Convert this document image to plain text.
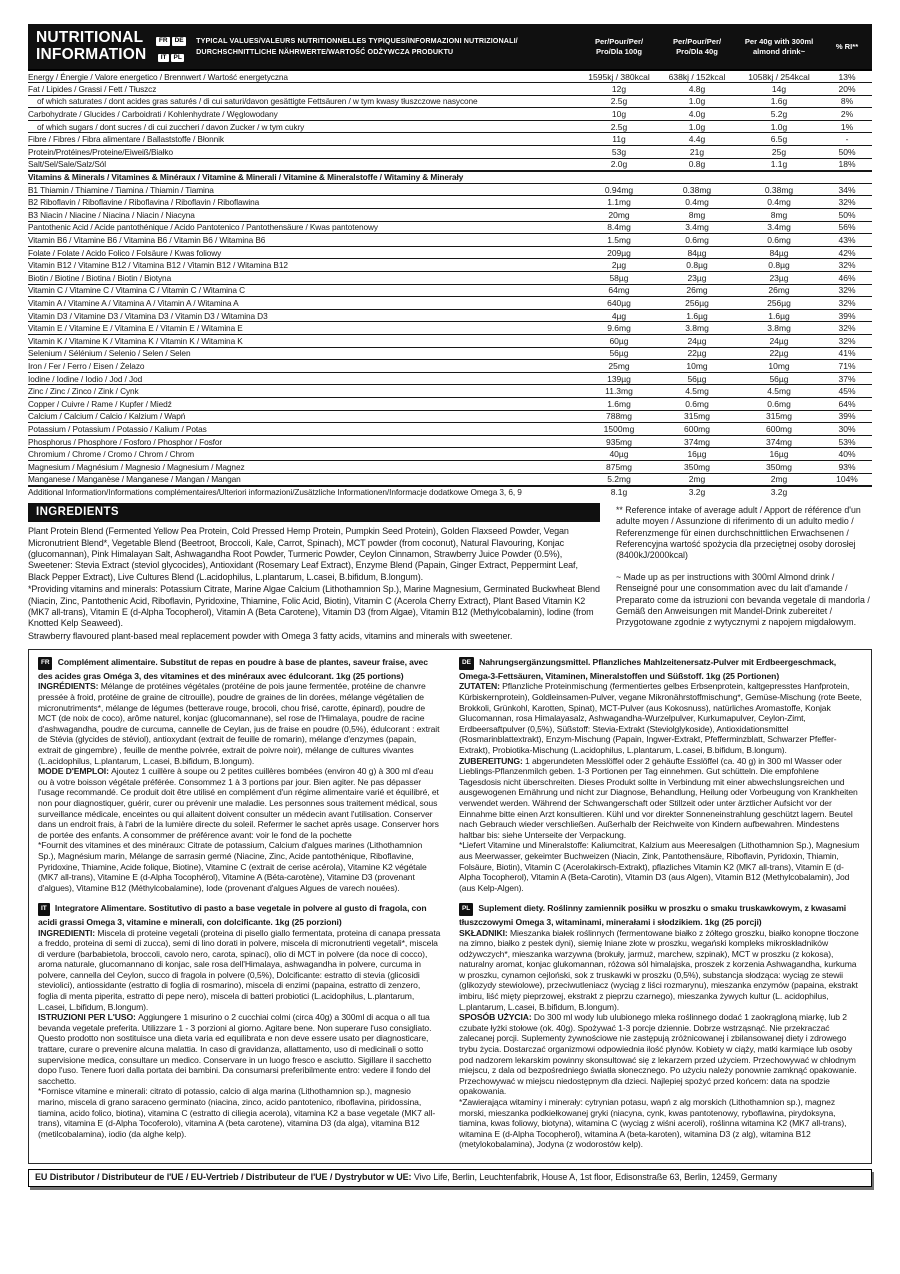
NUTRITIONAL
INFORMATION
FR DE
IT PL
TYPICAL VALUES/VALEURS NUTRITIONNELLES TYPIQUES/INFORMAZIONI NUTRIZIONALI/
DURCHSCHNITTLICHE NÄHRWERTE/WARTOŚĆ ODŻYWCZA PRODUKTU

Per/Pour/Per/
Pro/Dla 100g

Per/Pour/Per/
Pro/Dla 40g

Per 40g with 300ml
almond drink~
	% RI**
Energy / Énergie / Valore energetico / Brennwert / Wartość energetyczna	1595kj / 380kcal	638kj / 152kcal	1058kj / 254kcal	13%
Fat / Lipides / Grassi / Fett / Tłuszcz	12g	4.8g	14g	20%
of which saturates / dont acides gras saturés / di cui saturi/davon gesättigte Fettsäuren / w tym kwasy tłuszczowe nasycone	2.5g	1.0g	1.6g	8%
Carbohydrate / Glucides / Carboidrati / Kohlenhydrate / Węglowodany	10g	4.0g	5.2g	2%
of which sugars / dont sucres / di cui zuccheri / davon Zucker / w tym cukry	2.5g	1.0g	1.0g	1%
Fibre / Fibres / Fibra alimentare / Ballaststoffe / Błonnik	11g	4.4g	6.5g	-
Protein/Protéines/Proteine/Eiweiß/Białko	53g	21g	25g	50%
Salt/Sel/Sale/Salz/Sól	2.0g	0.8g	1.1g	18%
Vitamins & Minerals / Vitamines & Minéraux / Vitamine & Minerali / Vitamine & Mineralstoffe / Witaminy & Minerały				
B1 Thiamin / Thiamine / Tiamina / Thiamin / Tiamina	0.94mg	0.38mg	0.38mg	34%
B2 Riboflavin / Riboflavine / Riboflavina / Riboflavin / Riboflawina	1.1mg	0.4mg	0.4mg	32%
B3 Niacin / Niacine / Niacina / Niacin / Niacyna	20mg	8mg	8mg	50%
Pantothenic Acid / Acide pantothénique / Acido Pantotenico / Pantothensäure / Kwas pantotenowy	8.4mg	3.4mg	3.4mg	56%
Vitamin B6 / Vitamine B6 / Vitamina B6 / Vitamin B6 / Witamina B6	1.5mg	0.6mg	0.6mg	43%
Folate / Folate / Acido Folico / Folsäure / Kwas foliowy	209µg	84µg	84µg	42%
Vitamin B12 / Vitamine B12 / Vitamina B12 / Vitamin B12 / Witamina B12	2µg	0.8µg	0.8µg	32%
Biotin / Biotine / Biotina / Biotin / Biotyna	58µg	23µg	23µg	46%
Vitamin C / Vitamine C / Vitamina C / Vitamin C / Witamina C	64mg	26mg	26mg	32%
Vitamin A / Vitamine A / Vitamina A / Vitamin A / Witamina A	640µg	256µg	256µg	32%
Vitamin D3 / Vitamine D3 / Vitamina D3 / Vitamin D3 / Witamina D3	4µg	1.6µg	1.6µg	39%
Vitamin E / Vitamine E / Vitamina E / Vitamin E / Witamina E	9.6mg	3.8mg	3.8mg	32%
Vitamin K / Vitamine K / Vitamina K / Vitamin K / Witamina K	60µg	24µg	24µg	32%
Selenium / Sélénium / Selenio / Selen / Selen	56µg	22µg	22µg	41%
Iron / Fer / Ferro / Eisen / Żelazo	25mg	10mg	10mg	71%
Iodine / Iodine / Iodio / Jod / Jod	139µg	56µg	56µg	37%
Zinc / Zinc / Zinco / Zink / Cynk	11.3mg	4.5mg	4.5mg	45%
Copper / Cuivre / Rame / Kupfer / Miedź	1.6mg	0.6mg	0.6mg	64%
Calcium / Calcium / Calcio / Kalzium / Wapń	788mg	315mg	315mg	39%
Potassium / Potassium / Potassio / Kalium / Potas	1500mg	600mg	600mg	30%
Phosphorus / Phosphore / Fosforo / Phosphor / Fosfor	935mg	374mg	374mg	53%
Chromium / Chrome / Cromo / Chrom / Chrom	40µg	16µg	16µg	40%
Magnesium / Magnésium / Magnesio / Magnesium / Magnez	875mg	350mg	350mg	93%
Manganese / Manganèse / Manganese / Mangan / Mangan	5.2mg	2mg	2mg	104%
Additional Information/Informations complémentaires/Ulteriori informazioni/Zusätzliche Informationen/Informacje dodatkowe Omega 3, 6, 9	8.1g	3.2g	3.2g	
INGREDIENTS

Plant Protein Blend (Fermented Yellow Pea Protein, Cold Pressed Hemp Protein, Pumpkin Seed Protein), Golden Flaxseed Powder, Vegan Micronutrient Blend*, Vegetable Blend (Beetroot, Broccoli, Kale, Carrot, Spinach), MCT powder (from coconut), Natural Flavouring, Konjac (glucomannan), Pink Himalayan Salt, Ashwagandha Root Powder, Turmeric Powder, Ceylon Cinnamon, Strawberry Juice Powder (0.5%), Sweetener: Stevia Extract (steviol glycocides), Antioxidant (Rosemary Leaf Extract), Enzyme Blend (Papain, Ginger Extract, Peppermint Leaf, Black Pepper Extract), Live Cultures Blend (L.acidophilus, L.plantarum, L.casei, B.bifidum, B.longum).

*Providing vitamins and minerals: Potassium Citrate, Marine Algae Calcium (Lithothamnion Sp.), Marine Magnesium, Germinated Buckwheat Blend (Niacin, Zinc, Pantothenic Acid, Riboflavin, Pyridoxine, Thiamine, Folic Acid, Biotin), Vitamin C (Acerola Cherry Extract), Plant Based Vitamin K2 (MK7 all-trans), Vitamin E (d-Alpha Tocopherol), Vitamin A (Beta Carotene), Vitamin D3 (from Algae), Vitamin B12 (Methylcobalamin), Iodine (from Knotted Kelp Seaweed).

Strawberry flavoured plant-based meal replacement powder with Omega 3 fatty acids, vitamins and minerals with sweetener.

** Reference intake of average adult / Apport de référence d'un adulte moyen / Assunzione di riferimento di un adulto medio / Referenzmenge für einen durchschnittlichen Erwachsenen / Referencyjna wartość spożycia dla przeciętnej osoby dorosłej (8400kJ/2000kcal)

~ Made up as per instructions with 300ml Almond drink / Renseigné pour une consommation avec du lait d'amande / Preparato come da istruzioni con bevanda vegetale di mandorla / Gemäß den Anweisungen mit Mandel-Drink zubereitet / Przygotowane zgodnie z wytycznymi z napojem migdałowym.

FR Complément alimentaire. Substitut de repas en poudre à base de plantes, saveur fraise, avec des acides gras Oméga 3, des vitamines et des minéraux avec édulcorant. 1kg (25 portions)

INGRÉDIENTS: Mélange de protéines végétales (protéine de pois jaune fermentée, protéine de chanvre pressée à froid, protéine de graine de citrouille), poudre de graines de lin dorées, mélange végétalien de micronutriments*, mélange de légumes (betterave rouge, brocoli, chou frisé, carotte, épinard), poudre de MCT (de noix de coco), arôme naturel, konjac (glucomannane), sel rose de l'Himalaya, poudre de racine d'ashwagandha, poudre de curcuma, cannelle de Ceylan, jus de fraise en poudre (0,5%), édulcorant : extrait de Stévia (glycides de stéviol), antioxydant (extrait de feuille de romarin), mélange d'enzymes (papain, extrait de gingembre) , feuille de menthe poivrée, extrait de poivre noir), mélange de cultures vivantes (L.acidophilus, L.plantarum, L.casei, B.bifidum, B.longum).

MODE D'EMPLOI: Ajoutez 1 cuillère à soupe ou 2 petites cuillères bombées (environ 40 g) à 300 ml d'eau ou à votre boisson végétale préférée. Consommez 1 à 3 portions par jour. Bien agiter. Ne pas dépasser l'usage recommandé. Ce produit doit être utilisé en complément d'un régime alimentaire varié et équilibré, et non pour diagnostiquer, guérir, curer ou prévenir une maladie. Les personnes sous traitement médical, sous surveillance médicale, enceintes ou qui allaitent doivent consulter un médecin avant l'utilisation. Conserver dans un endroit frais, à l'abri de la lumière directe du soleil. Refermer le sachet après usage. Conserver hors de portée des enfants. A consommer de préférence avant: voir le fond de la pochette

*Fournit des vitamines et des minéraux: Citrate de potassium, Calcium d'algues marines (Lithothamnion Sp.), Magnésium marin, Mélange de sarrasin germé (Niacine, Zinc, Acide pantothénique, Riboflavine, Pyridoxine, Thiamine, Acide folique, Biotine), Vitamine C (extrait de cerise acérola), Vitamine K2 végétale (MK7 all-trans), Vitamine E (d-Alpha Tocophérol), Vitamine A (Béta-carotène), Vitamine D3 (provenant d'algues), Vitamine B12 (Méthylcobalamine), Iode (provenant d'algues Algues de varech nouées).

IT Integratore Alimentare. Sostitutivo di pasto a base vegetale in polvere al gusto di fragola, con acidi grassi Omega 3, vitamine e minerali, con dolcificante. 1kg (25 porzioni)

INGREDIENTI: Miscela di proteine vegetali (proteina di pisello giallo fermentata, proteina di canapa pressata a freddo, proteina di semi di zucca), semi di lino dorati in polvere, miscela di micronutrienti vegetali*, miscela di verdure (barbabietola, broccoli, cavolo nero, carota, spinaci), olio di MCT in polvere (da noce di cocco), aroma naturale, glucomannano di konjac, sale rosa dell'Himalaya, ashwagandha in polvere, curcuma in polvere, cannella del Ceylon, succo di fragola in polvere (0,5%), Dolcificante: estratto di stevia (glicosidi steviolici), antiossidante (estratto di foglia di rosmarino), miscela di enzimi (papaina, estratto di zenzero, foglia di menta piperita, estratto di pepe nero), miscela di batteri probiotici (L.acidophilus, L.plantarum, L.casei, L.bifidum, B.longum).

ISTRUZIONI PER L'USO: Aggiungere 1 misurino o 2 cucchiai colmi (circa 40g) a 300ml di acqua o all tua bevanda vegetale preferita. Utilizzare 1 - 3 porzioni al giorno. Agitare bene. Non superare l'uso consigliato. Questo prodotto non sostituisce una dieta varia ed equilibrata e non deve essere usato per diagnosticare, trattare, curare o prevenire alcuna malattia. In caso di gravidanza, allattamento, uso di medicinali o sotto supervisione medica, consultare un medico. Conservare in un luogo fresco e asciutto. Sigillare il sacchetto dopo l'uso. Tenere fuori dalla portata dei bambini. Da consumarsi preferibilmente entro: vedere il fondo del sacchetto.

*Fornisce vitamine e minerali: citrato di potassio, calcio di alga marina (Lithothamnion sp.), magnesio marino, miscela di grano saraceno germinato (niacina, zinco, acido pantotenico, riboflavina, piridossina, tiamina, acido folico, biotina), vitamina C (estratto di ciliegia acerola), vitamina K2 a base vegetale (MK7 all-trans), vitamina E (d-Alpha Tocoferolo), vitamina A (beta carotene), vitamina D3 (da alga), vitamina B12 (metilcobalamina), iodio (da alghe kelp).

DE Nahrungsergänzungsmittel. Pflanzliches Mahlzeitenersatz-Pulver mit Erdbeergeschmack, Omega-3-Fettsäuren, Vitaminen, Mineralstoffen und Süßstoff. 1kg (25 Portionen)

ZUTATEN: Pflanzliche Proteinmischung (fermentiertes gelbes Erbsenprotein, kaltgepresstes Hanfprotein, Kürbiskernprotein), Goldleinsamen-Pulver, vegane Mikronährstoffmischung*, Gemüse-Mischung (rote Beete, Brokkoli, Grünkohl, Karotten, Spinat), MCT-Pulver (aus Kokosnuss), natürliches Aromastoffe, Konjak Glucomannan, rosa Himalayasalz, Ashwagandha-Wurzelpulver, Kurkumapulver, Ceylon-Zimt, Erdbeersaftpulver (0,5%), Süßstoff: Stevia-Extrakt (Steviolglykoside), Antioxidationsmittel (Rosmarinblattextrakt), Enzym-Mischung (Papain, Ingwer-Extrakt, Pfefferminzblatt, Schwarzer Pfeffer-Extrakt), Probiotika-Mischung (L.acidophilus, L.plantarum, L.casei, B.bifidum, B.longum).

ZUBEREITUNG: 1 abgerundeten Messlöffel oder 2 gehäufte Esslöffel (ca. 40 g) in 300 ml Wasser oder Lieblings-Pflanzenmilch geben. 1-3 Portionen per Tag einnehmen. Gut schütteln. Die empfohlene Tagesdosis nicht überschreiten. Dieses Produkt sollte in Verbindung mit einer abwechslungsreichen und ausgewogenen Ernährung und nicht zur Diagnose, Behandlung, Heilung oder Vorbeugung von Krankheiten verwendet werden. Während der Schwangerschaft oder Stillzeit oder unter ärztlicher Aufsicht vor der Einnahme bitte einen Arzt konsultieren. Kühl und vor direkter Sonneneinstrahlung geschützt lagern. Beutel nach Gebrauch wieder verschließen. Außerhalb der Reichweite von Kindern aufbewahren. Mindestens haltbar bis: siehe Unterseite der Verpackung.

*Liefert Vitamine und Mineralstoffe: Kaliumcitrat, Kalzium aus Meeresalgen (Lithothamnion Sp.), Magnesium aus Meerwasser, gekeimter Buchweizen (Niacin, Zink, Pantothensäure, Riboflavin, Pyridoxin, Thiamin, Folsäure, Biotin), Vitamin C (Acerolakirsch-Extrakt), pflazliches Vitamin K2 (MK7 all-trans), Vitamin E (d-Alpha Tocopherol), Vitamin A (Beta-Carotin), Vitamin D3 (aus Algen), Vitamin B12 (Methylcobalamin), Jod (aus Kelp-Algen).

PL Suplement diety. Roślinny zamiennik posiłku w proszku o smaku truskawkowym, z kwasami tłuszczowymi Omega 3, witaminami, minerałami i słodzikiem. 1kg (25 porcji)

SKŁADNIKI: Mieszanka białek roślinnych (fermentowane białko z żółtego groszku, białko konopne tłoczone na zimno, białko z pestek dyni), siemię lniane złote w proszku, wegański kompleks mikroskładników odżywczych*, mieszanka warzywna (brokuły, jarmuż, marchew, szpinak), MCT w proszku (z kokosa), naturalny aromat, konjac glukomannan, różowa sól himalajska, proszek z korzenia Ashwagandha, kurkuma w proszku, cynamon cejloński, sok z truskawki w proszku (0,5%), substancja słodząca: wyciąg ze stewii (glikozydy stewiolowe), przeciwutleniacz (wyciąg z liści rozmarynu), mieszanka enzymów (papaina, ekstrakt imbiru, liść mięty pieprzowej, ekstrakt z pieprzu czarnego), mieszanka żywych kultur (L. acidophilus, L.plantarum, L.casei, B.bifidum, B.longum).

SPOSÓB UŻYCIA: Do 300 ml wody lub ulubionego mleka roślinnego dodać 1 zaokrągloną miarkę, lub 2 czubate łyżki stołowe (ok. 40g). Spożywać 1-3 porcje dziennie. Dobrze wstrząsnąć. Nie przekraczać zalecanej porcji. Suplementy żywnościowe nie zastępują zróżnicowanej i zbilansowanej diety i zdrowego trybu życia. Dostarczać organizmowi odpowiednia ilość płynów. Kobiety w ciąży, matki karmiące lub osoby pod nadzorem lekarskim powinny skonsultować się z lekarzem przed użyciem. Przechowywać w chłodnym miejscu, z dala od bezpośredniego światła słonecznego. Po użyciu należy ponownie zamknąć opakowanie. Przechowywać w miejscu niedostępnym dla dzieci. Najlepiej spożyć przed końcem: data na spodzie opakowania.

*Zawierająca witaminy i minerały: cytrynian potasu, wapń z alg morskich (Lithothamnion sp.), magnez morski, mieszanka podkiełkowanej gryki (niacyna, cynk, kwas pantotenowy, ryboflawina, pirydoksyna, tiamina, kwas foliowy, biotyna), witamina C (wyciąg z wiśni aceroli), roślinna witamina K2 (MK7 all-trans), witamina E (d-Alpha Tocopherol), witamina A (beta-karoten), witamina D3 (z alg), witamina B12 (metylokobalamina), Jodyna (z wodorostów kelp).

EU Distributor / Distributeur de l'UE / EU-Vertrieb / Distributeur de l'UE / Dystrybutor w UE: Vivo Life, Berlin, Leuchtenfabrik, House A, 1st floor, Edisonstraße 63, Berlin, 12459, Germany
